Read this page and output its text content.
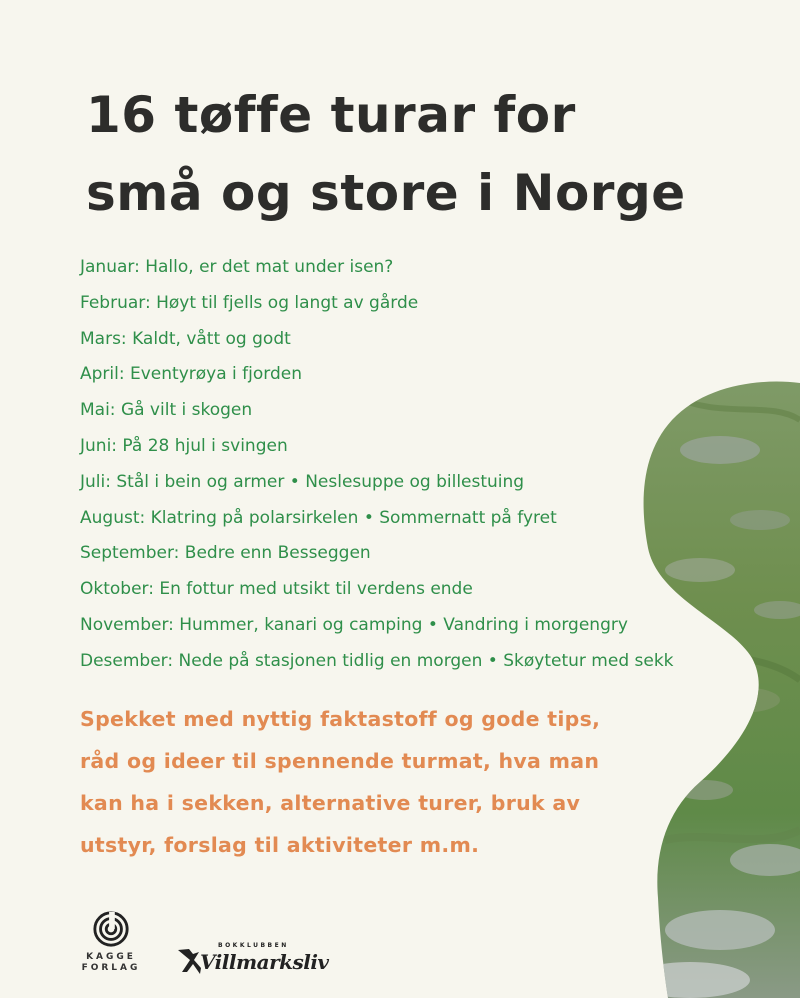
16 tøffe turar for
små og store i Norge
Januar: Hallo, er det mat under isen?
Februar: Høyt til fjells og langt av gårde
Mars: Kaldt, vått og godt
April: Eventyrøya i fjorden
Mai: Gå vilt i skogen
Juni: På 28 hjul i svingen
Juli: Stål i bein og armer • Neslesuppe og billestuing
August: Klatring på polarsirkelen • Sommernatt på fyret
September: Bedre enn Besseggen
Oktober: En fottur med utsikt til verdens ende
November: Hummer, kanari og camping • Vandring i morgengry
Desember: Nede på stasjonen tidlig en morgen • Skøytetur med sekk

Spekket med nyttig faktastoff og gode tips,
råd og ideer til spennende turmat, hva man
kan ha i sekken, alternative turer, bruk av
utstyr, forslag til aktiviteter m.m.

KAGGE
FORLAG
BOKKLUBBEN
Villmarksliv
